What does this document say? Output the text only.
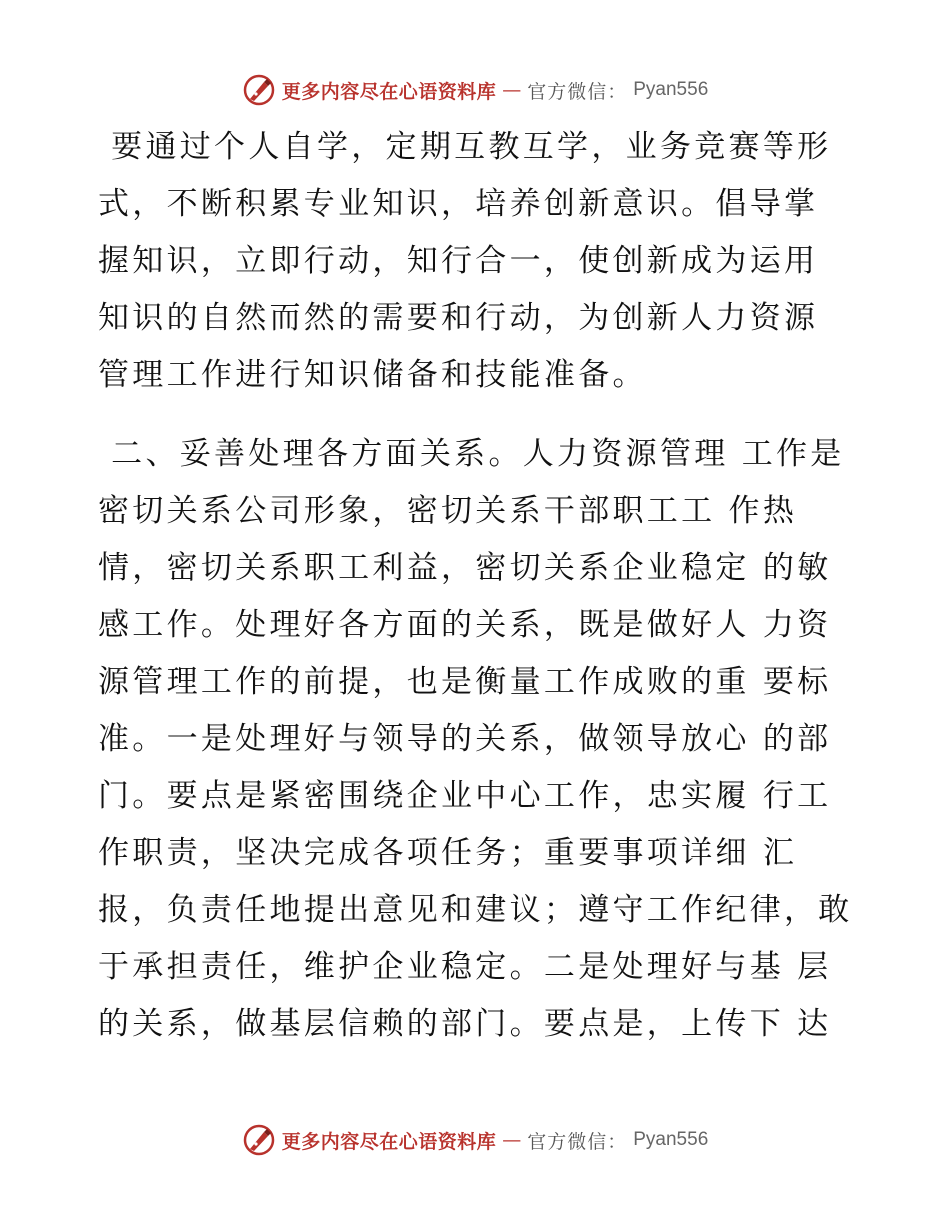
更多内容尽在心语资料库 — 官方微信： Pyan556
要通过个人自学，定期互教互学，业务竞赛等形
式，不断积累专业知识，培养创新意识。倡导掌
握知识，立即行动，知行合一，使创新成为运用
知识的自然而然的需要和行动，为创新人力资源
管理工作进行知识储备和技能准备。
二、妥善处理各方面关系。人力资源管理 工作是
密切关系公司形象，密切关系干部职工工 作热
情，密切关系职工利益，密切关系企业稳定 的敏
感工作。处理好各方面的关系，既是做好人 力资
源管理工作的前提，也是衡量工作成败的重 要标
准。一是处理好与领导的关系，做领导放心 的部
门。要点是紧密围绕企业中心工作，忠实履 行工
作职责，坚决完成各项任务；重要事项详细 汇
报，负责任地提出意见和建议；遵守工作纪律，敢
于承担责任，维护企业稳定。二是处理好与基 层
的关系，做基层信赖的部门。要点是，上传下 达
更多内容尽在心语资料库 — 官方微信： Pyan556
